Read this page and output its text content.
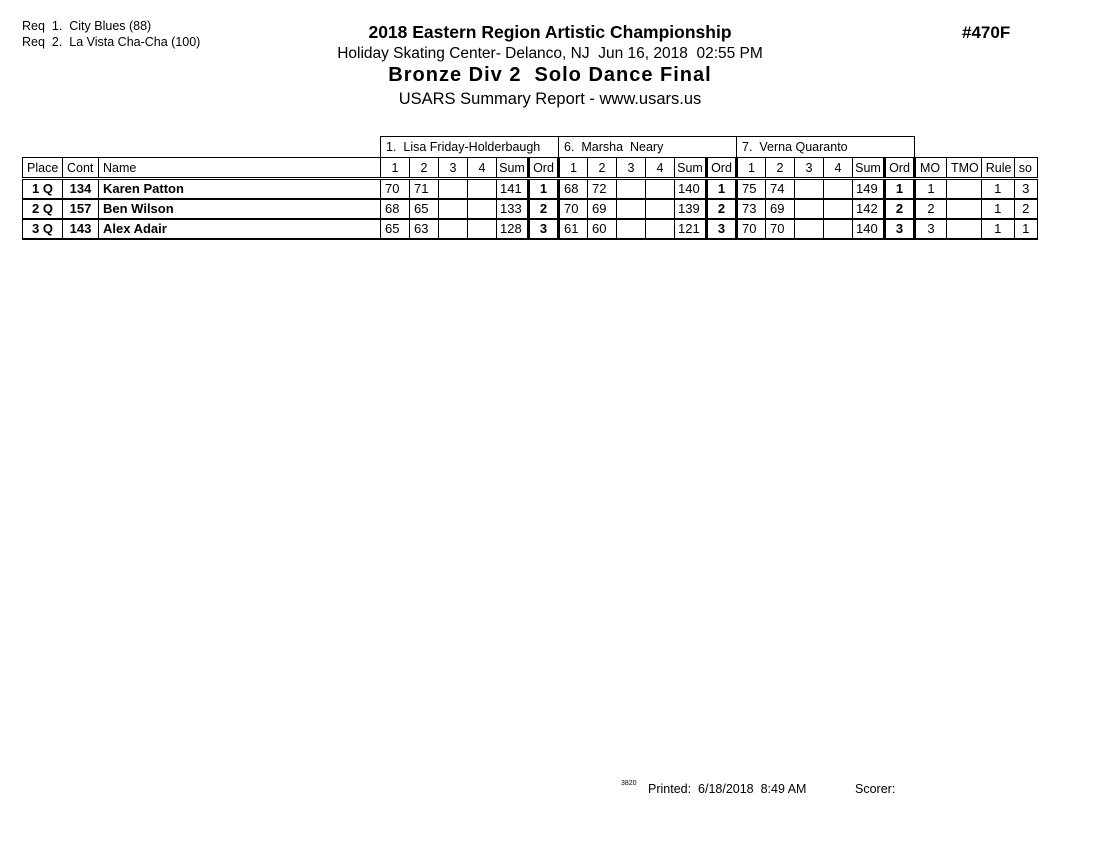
Req  1.  City Blues (88)
Req  2.  La Vista Cha-Cha (100)	2018 Eastern Region Artistic Championship
Holiday Skating Center- Delanco, NJ  Jun 16, 2018  02:55 PM
Bronze Div 2  Solo Dance Final
USARS Summary Report - www.usars.us
#470F
			1.  Lisa Friday-Holderbaugh						6.  Marsha  Neary						7.  Verna Quaranto									
Place	Cont	Name	1	2	3	4	Sum	Ord	1	2	3	4	Sum	Ord	1	2	3	4	Sum	Ord	MO	TMO	Rule	so
1 Q	134	Karen Patton	70	71			141	1	68	72			140	1	75	74			149	1	1		1	3
2 Q	157	Ben Wilson	68	65			133	2	70	69			139	2	73	69			142	2	2		1	2
3 Q	143	Alex Adair	65	63			128	3	61	60			121	3	70	70			140	3	3		1	1
3820 Printed:  6/18/2018  8:49 AM	Scorer:
